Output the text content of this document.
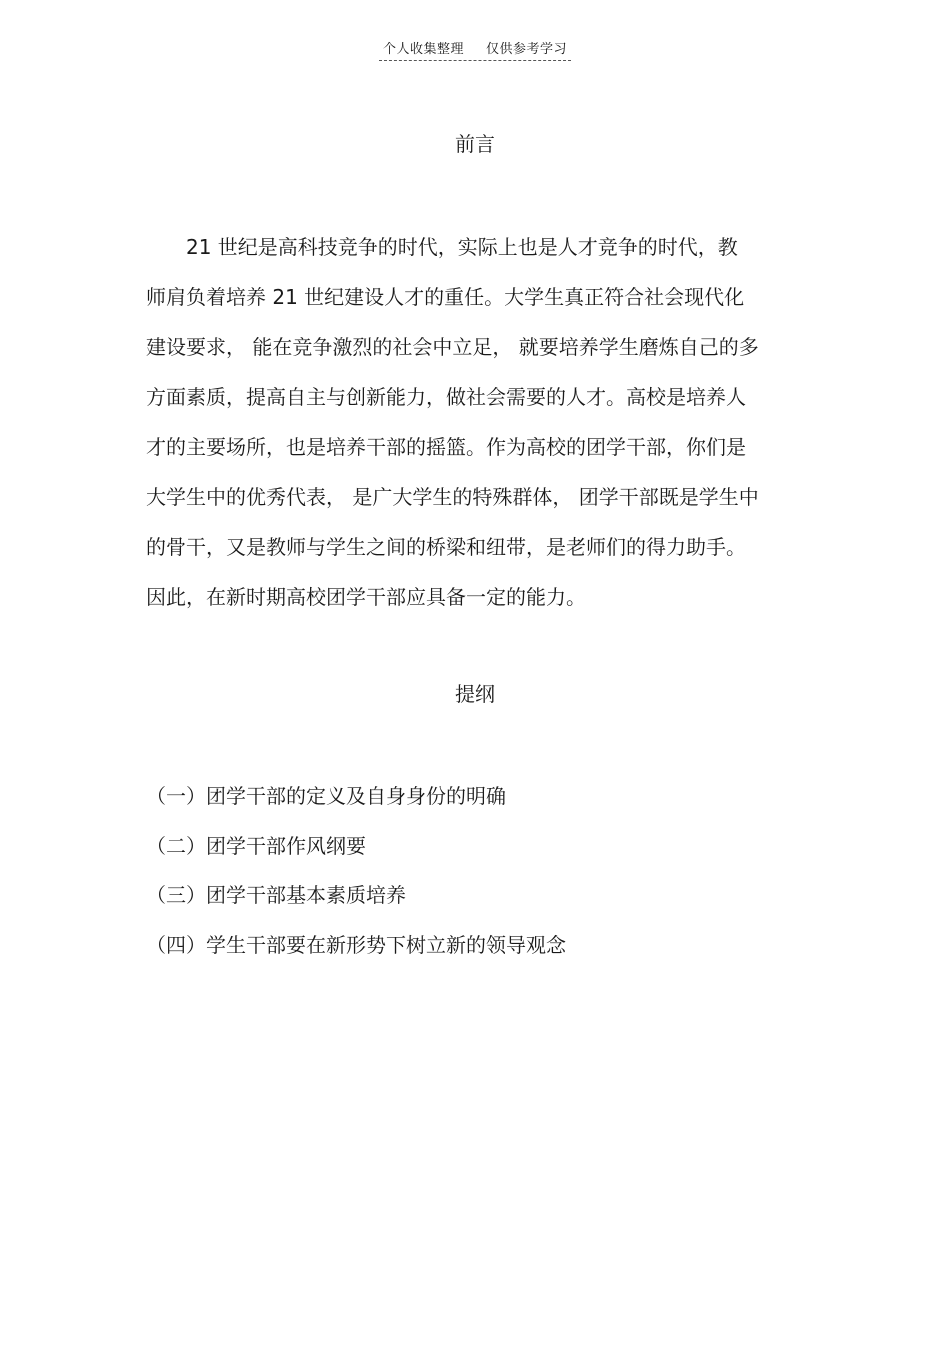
个人收集整理 仅供参考学习
前言
21 世纪是高科技竞争的时代，实际上也是人才竞争的时代，教
师肩负着培养 21 世纪建设人才的重任。大学生真正符合社会现代化
建设要求， 能在竞争激烈的社会中立足， 就要培养学生磨炼自己的多
方面素质，提高自主与创新能力，做社会需要的人才。高校是培养人
才的主要场所，也是培养干部的摇篮。作为高校的团学干部，你们是
大学生中的优秀代表， 是广大学生的特殊群体， 团学干部既是学生中
的骨干，又是教师与学生之间的桥梁和纽带，是老师们的得力助手。
因此，在新时期高校团学干部应具备一定的能力。
提纲
（一）团学干部的定义及自身身份的明确
（二）团学干部作风纲要
（三）团学干部基本素质培养
（四）学生干部要在新形势下树立新的领导观念
